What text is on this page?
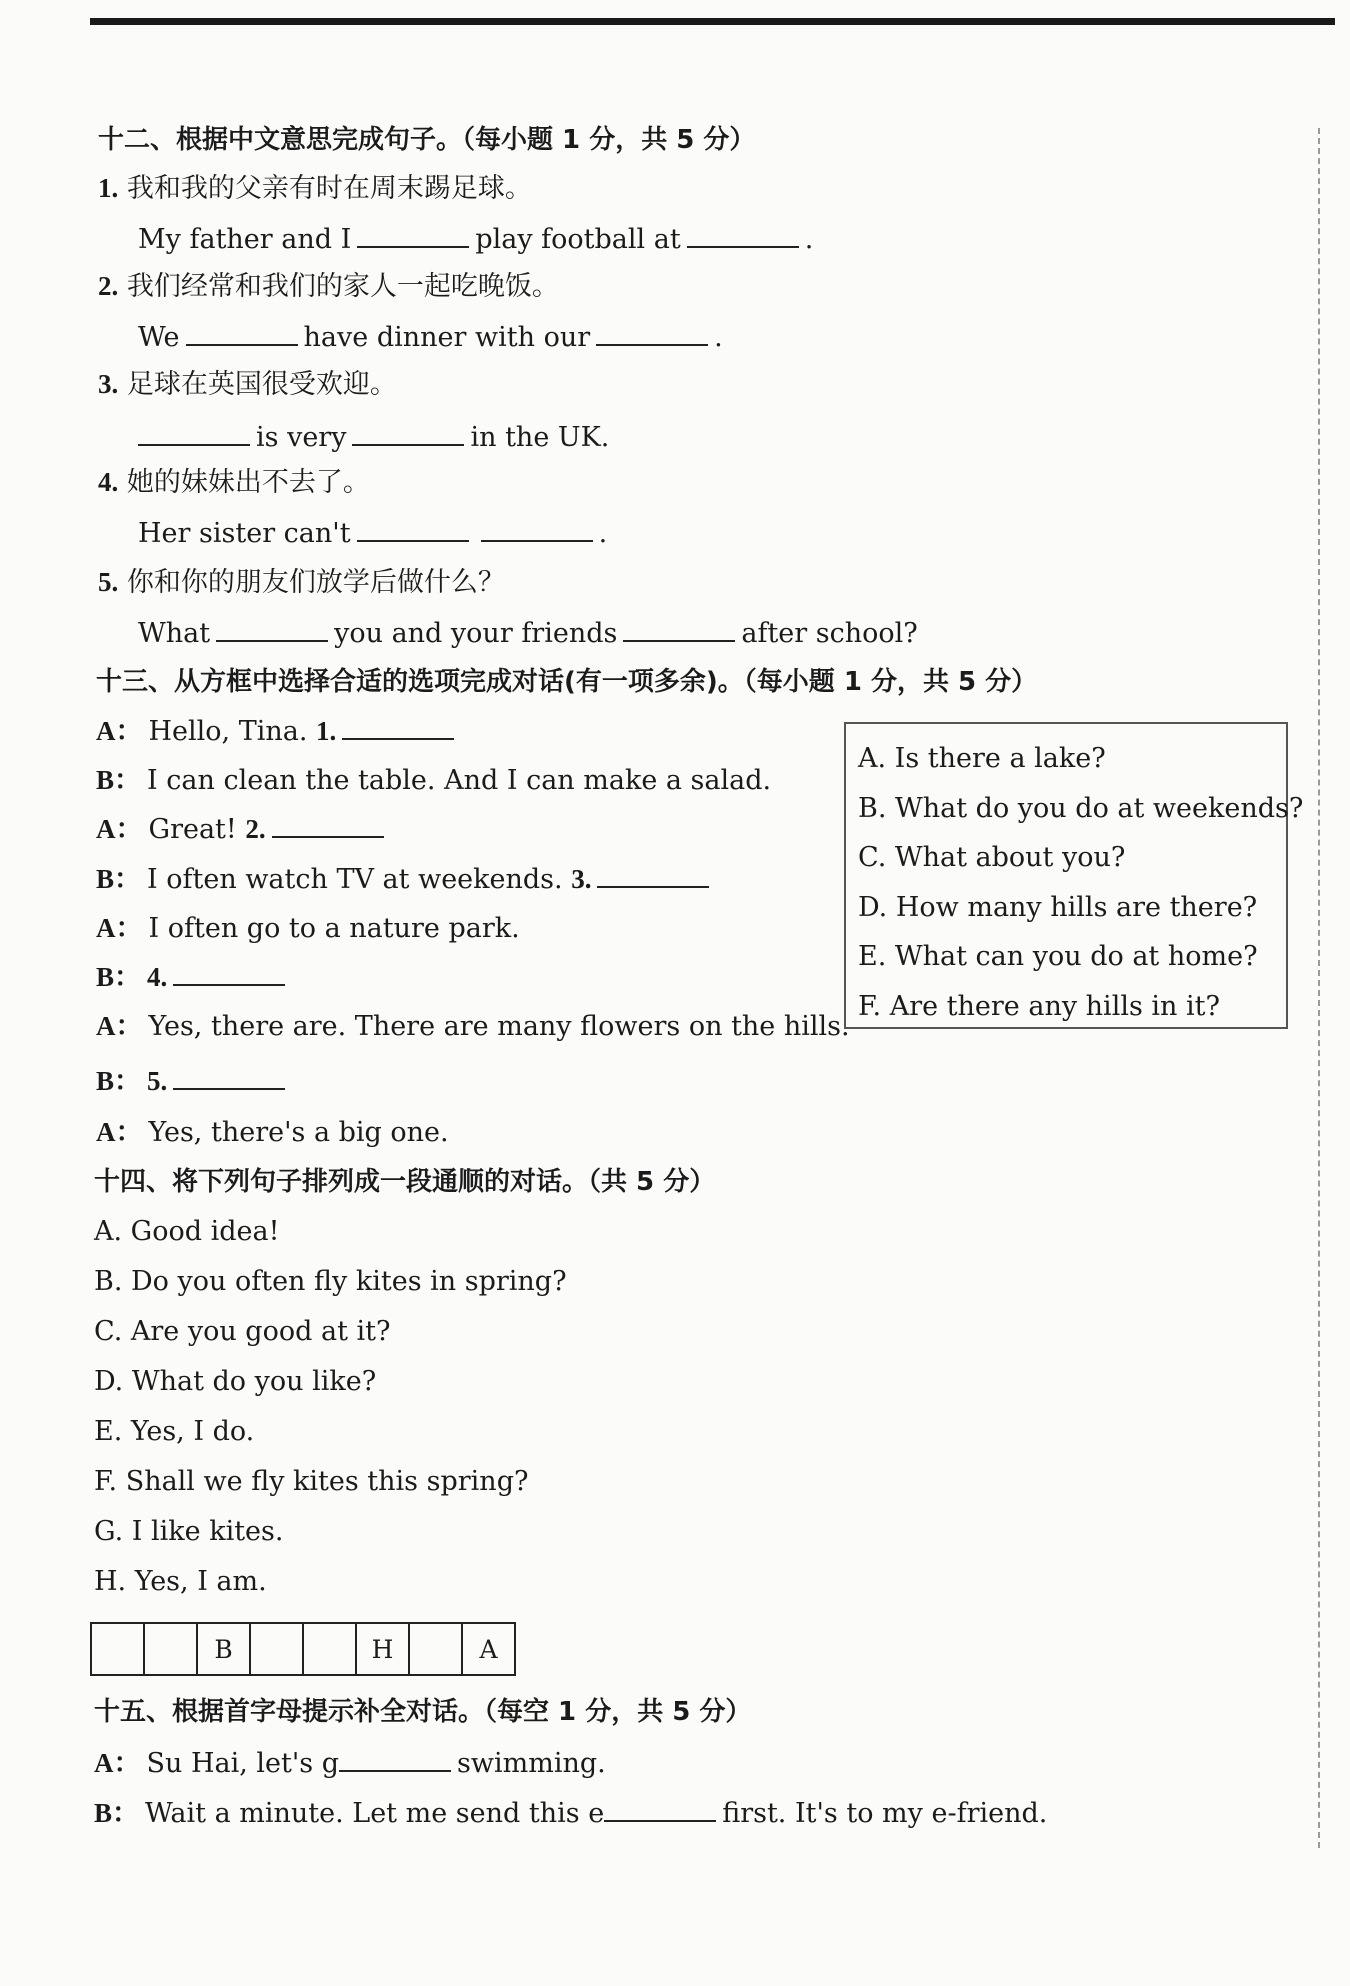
十二、根据中文意思完成句子。（每小题 1 分，共 5 分）
1. 我和我的父亲有时在周末踢足球。
My father and I	play football at	.
2. 我们经常和我们的家人一起吃晚饭。
We	have dinner with our	.
3. 足球在英国很受欢迎。
is very	in the UK.
4. 她的妹妹出不去了。
Her sister can't	.
5. 你和你的朋友们放学后做什么？
What	you and your friends	after school?
十三、从方框中选择合适的选项完成对话(有一项多余)。（每小题 1 分，共 5 分）
A： Hello, Tina. 1.
B： I can clean the table. And I can make a salad.
A： Great! 2.
B： I often watch TV at weekends. 3.
A： I often go to a nature park.
B： 4.
A： Yes, there are. There are many flowers on the hills.
B： 5.
A： Yes, there's a big one.
A. Is there a lake?
B. What do you do at weekends?
C. What about you?
D. How many hills are there?
E. What can you do at home?
F. Are there any hills in it?
十四、将下列句子排列成一段通顺的对话。（共 5 分）
A. Good idea!
B. Do you often fly kites in spring?
C. Are you good at it?
D. What do you like?
E. Yes, I do.
F. Shall we fly kites this spring?
G. I like kites.
H. Yes, I am.
		B			H		A
十五、根据首字母提示补全对话。（每空 1 分，共 5 分）
A： Su Hai, let's g	swimming.
B： Wait a minute. Let me send this e	first. It's to my e-friend.
